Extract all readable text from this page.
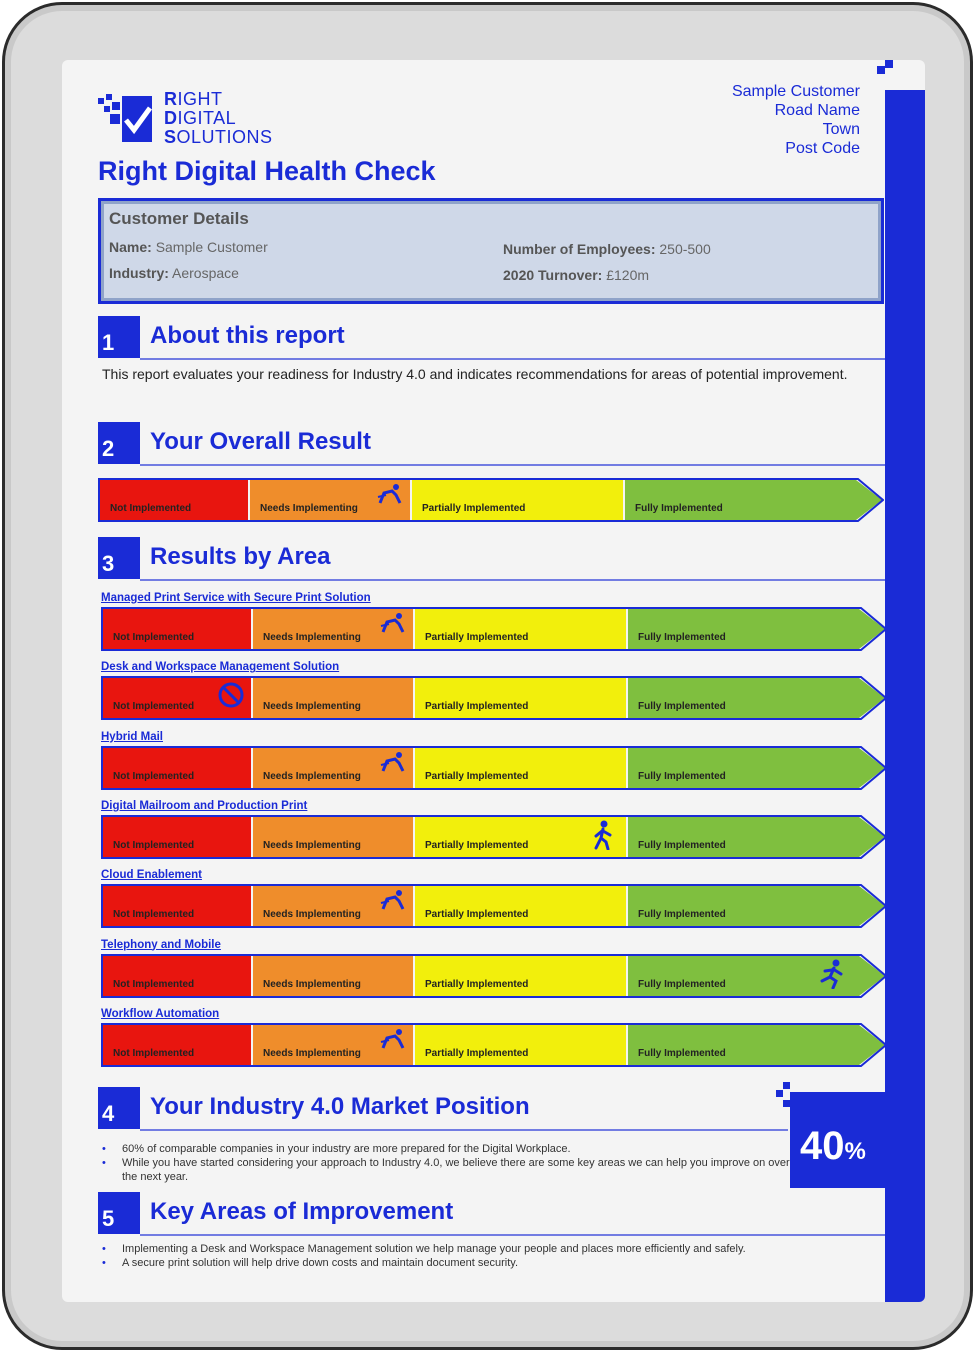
RIGHT
DIGITAL
SOLUTIONS
Sample Customer
Road Name
Town
Post Code
Right Digital Health Check
Customer Details
Name: Sample Customer
Industry: Aerospace
Number of Employees: 250-500
2020 Turnover: £120m
1	About this report
This report evaluates your readiness for Industry 4.0 and indicates recommendations for areas of potential improvement.
2	Your Overall Result
Not Implemented	Needs Implementing	Partially Implemented	Fully Implemented
3	Results by Area
Managed Print Service with Secure Print Solution
Not Implemented	Needs Implementing	Partially Implemented	Fully Implemented
Desk and Workspace Management Solution
Not Implemented	Needs Implementing	Partially Implemented	Fully Implemented
Hybrid Mail
Not Implemented	Needs Implementing	Partially Implemented	Fully Implemented
Digital Mailroom and Production Print
Not Implemented	Needs Implementing	Partially Implemented	Fully Implemented
Cloud Enablement
Not Implemented	Needs Implementing	Partially Implemented	Fully Implemented
Telephony and Mobile
Not Implemented	Needs Implementing	Partially Implemented	Fully Implemented
Workflow Automation
Not Implemented	Needs Implementing	Partially Implemented	Fully Implemented
4	Your Industry 4.0 Market Position
• 60% of comparable companies in your industry are more prepared for the Digital Workplace.
• While you have started considering your approach to Industry 4.0, we believe there are some key areas we can help you improve on over the next year.
40%
5	Key Areas of Improvement
• Implementing a Desk and Workspace Management solution we help manage your people and places more efficiently and safely.
• A secure print solution will help drive down costs and maintain document security.
